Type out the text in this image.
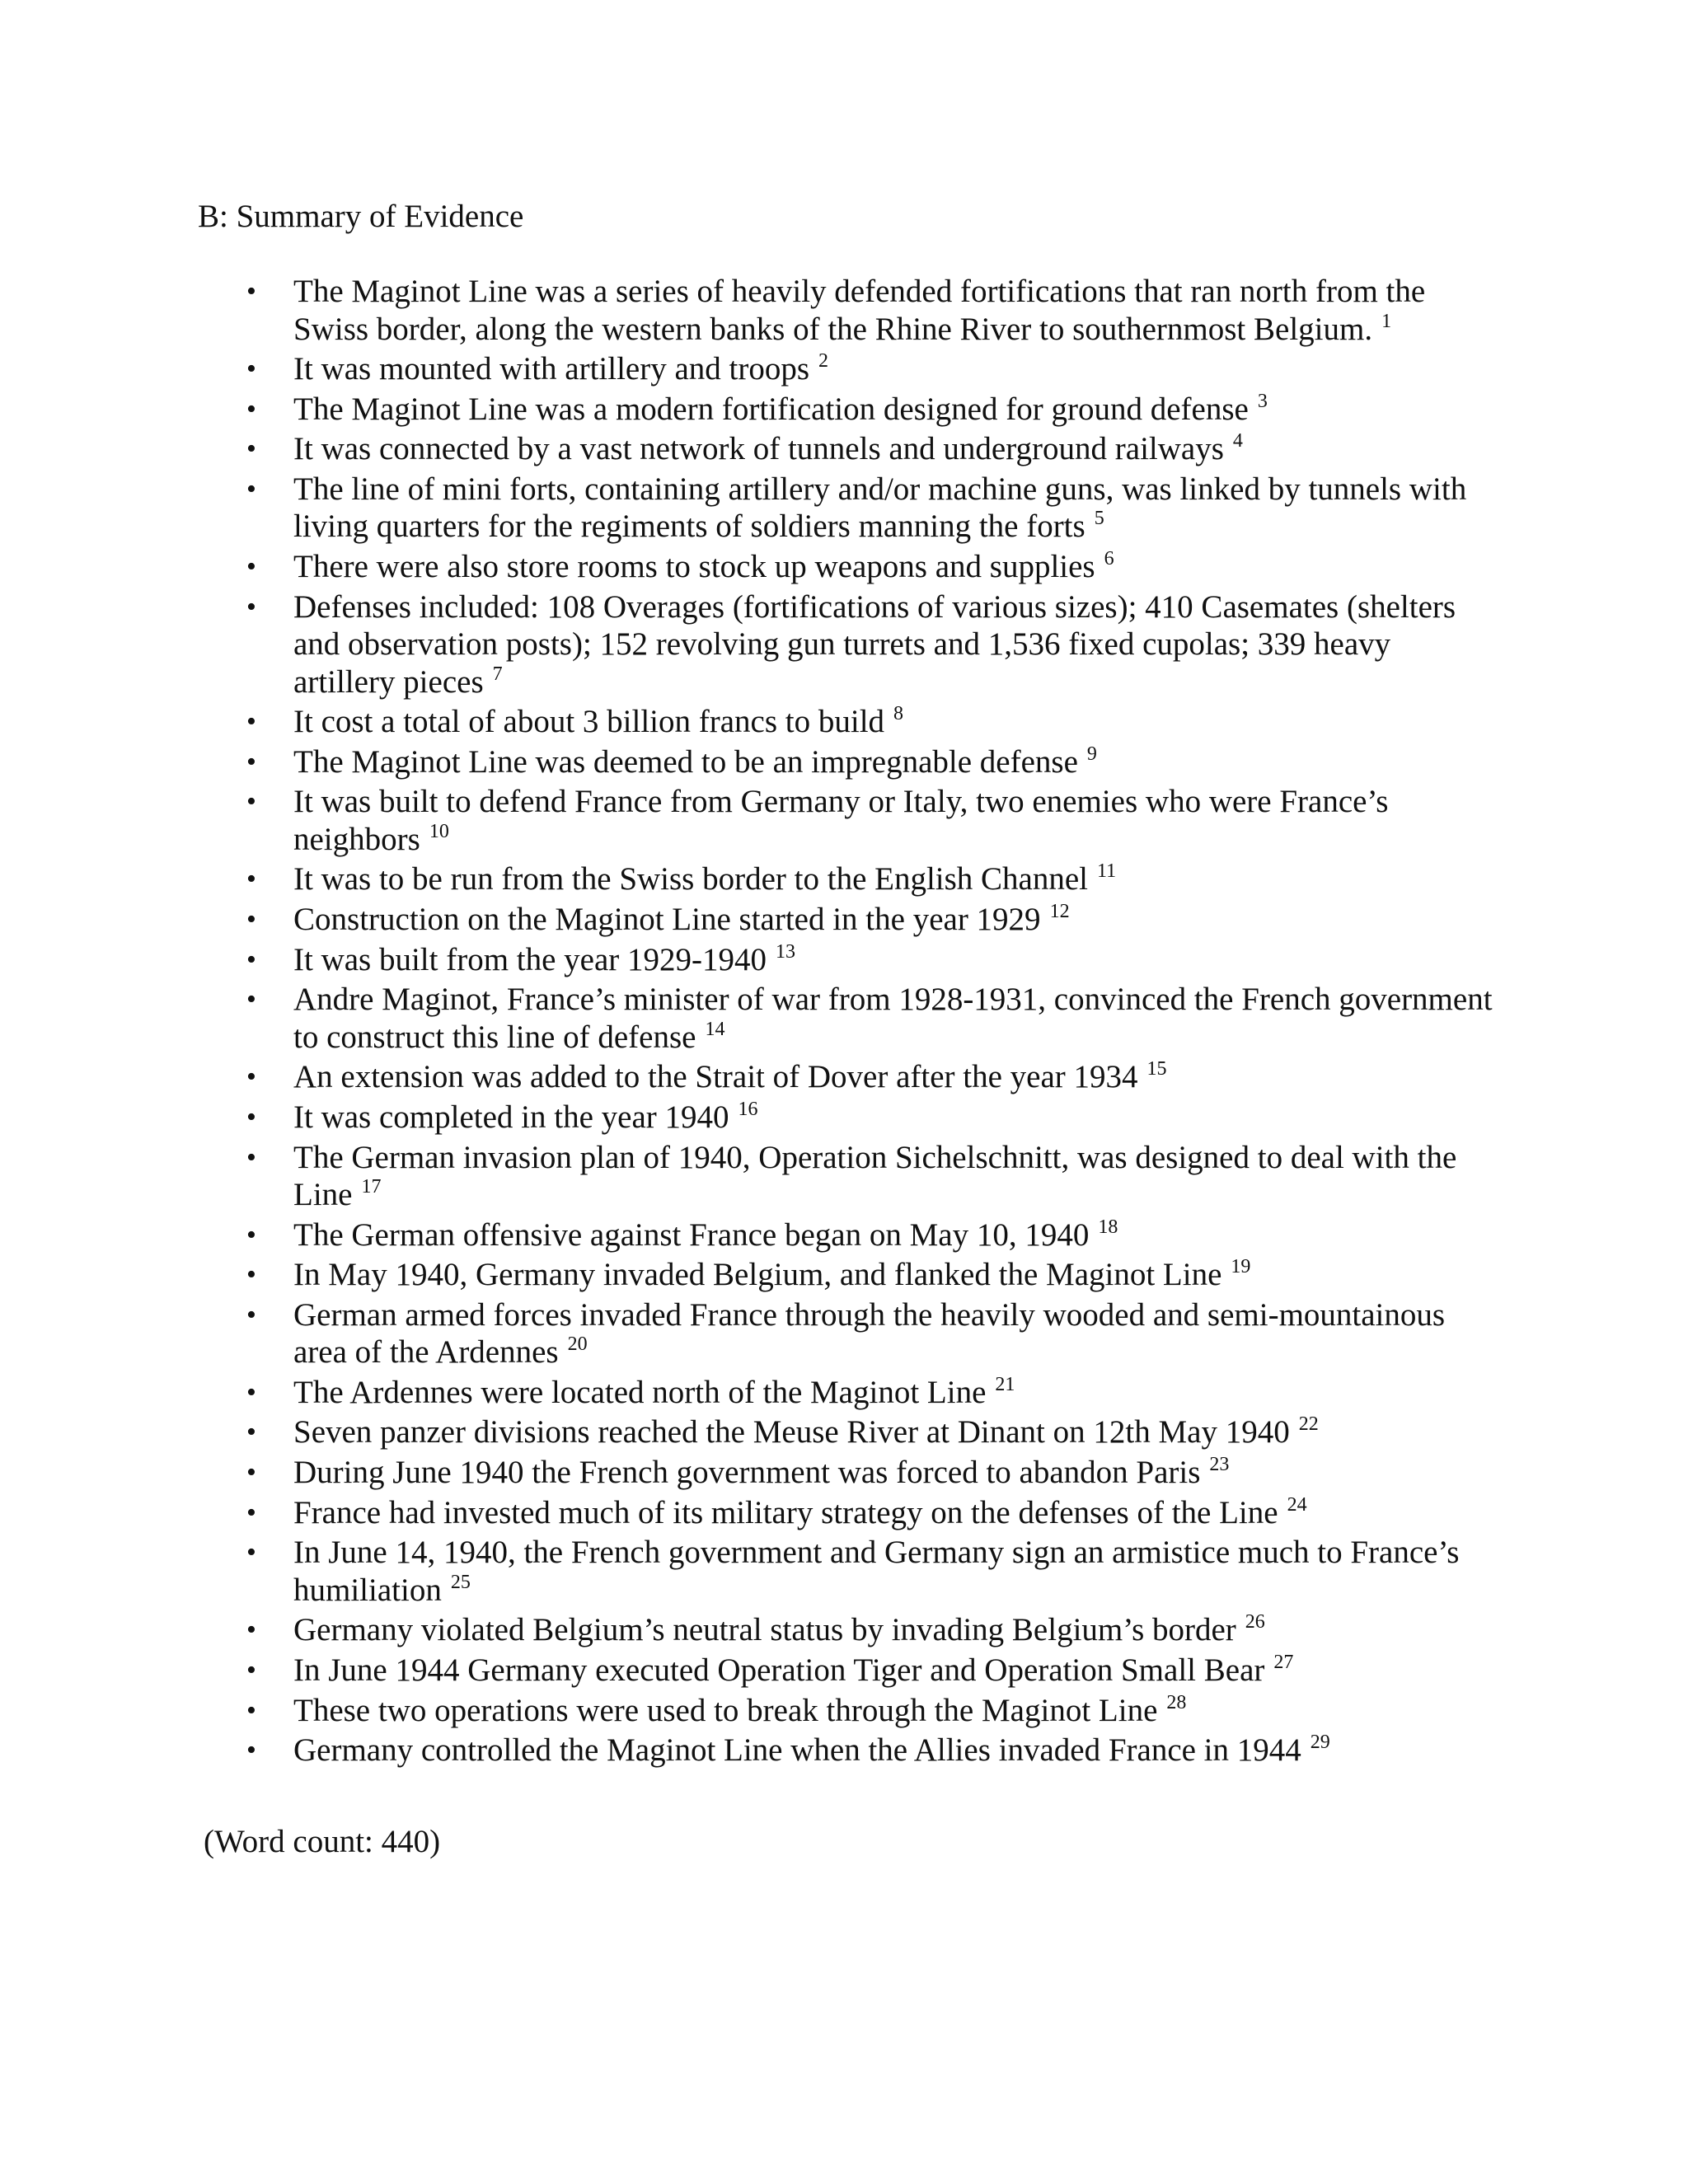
B: Summary of Evidence
• The Maginot Line was a series of heavily defended fortifications that ran north from the Swiss border, along the western banks of the Rhine River to southernmost Belgium. $^1$
• It was mounted with artillery and troops $^2$
• The Maginot Line was a modern fortification designed for ground defense $^3$
• It was connected by a vast network of tunnels and underground railways $^4$
• The line of mini forts, containing artillery and/or machine guns, was linked by tunnels with living quarters for the regiments of soldiers manning the forts $^5$
• There were also store rooms to stock up weapons and supplies $^6$
• Defenses included: 108 Overages (fortifications of various sizes); 410 Casemates (shelters and observation posts); 152 revolving gun turrets and 1,536 fixed cupolas; 339 heavy artillery pieces $^7$
• It cost a total of about 3 billion francs to build $^8$
• The Maginot Line was deemed to be an impregnable defense $^9$
• It was built to defend France from Germany or Italy, two enemies who were France’s neighbors $^{10}$
• It was to be run from the Swiss border to the English Channel $^{11}$
• Construction on the Maginot Line started in the year 1929 $^{12}$
• It was built from the year 1929-1940 $^{13}$
• Andre Maginot, France’s minister of war from 1928-1931, convinced the French government to construct this line of defense $^{14}$
• An extension was added to the Strait of Dover after the year 1934 $^{15}$
• It was completed in the year 1940 $^{16}$
• The German invasion plan of 1940, Operation Sichelschnitt, was designed to deal with the Line $^{17}$
• The German offensive against France began on May 10, 1940 $^{18}$
• In May 1940, Germany invaded Belgium, and flanked the Maginot Line $^{19}$
• German armed forces invaded France through the heavily wooded and semi-mountainous area of the Ardennes $^{20}$
• The Ardennes were located north of the Maginot Line $^{21}$
• Seven panzer divisions reached the Meuse River at Dinant on 12th May 1940 $^{22}$
• During June 1940 the French government was forced to abandon Paris $^{23}$
• France had invested much of its military strategy on the defenses of the Line $^{24}$
• In June 14, 1940, the French government and Germany sign an armistice much to France’s humiliation $^{25}$
• Germany violated Belgium’s neutral status by invading Belgium’s border $^{26}$
• In June 1944 Germany executed Operation Tiger and Operation Small Bear $^{27}$
• These two operations were used to break through the Maginot Line $^{28}$
• Germany controlled the Maginot Line when the Allies invaded France in 1944 $^{29}$
(Word count: 440)
